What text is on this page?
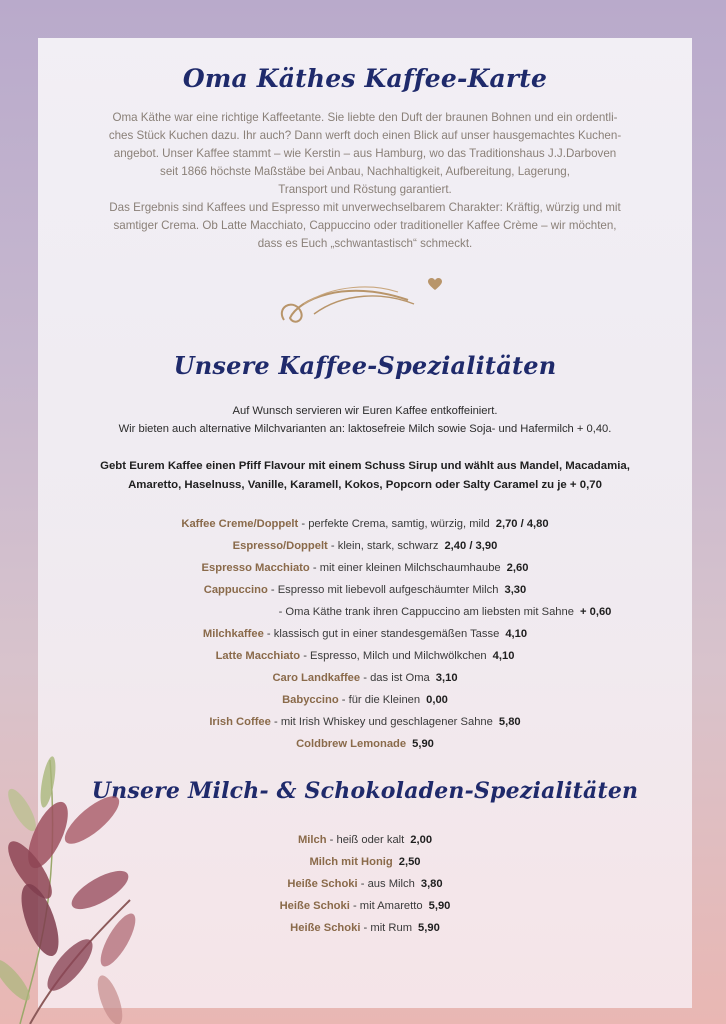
Oma Käthes Kaffee-Karte
Oma Käthe war eine richtige Kaffeetante. Sie liebte den Duft der braunen Bohnen und ein ordentli-
ches Stück Kuchen dazu. Ihr auch? Dann werft doch einen Blick auf unser hausgemachtes Kuchen-
angebot. Unser Kaffee stammt – wie Kerstin – aus Hamburg, wo das Traditionshaus J.J.Darboven
seit 1866 höchste Maßstäbe bei Anbau, Nachhaltigkeit, Aufbereitung, Lagerung,
Transport und Röstung garantiert.
Das Ergebnis sind Kaffees und Espresso mit unverwechselbarem Charakter: Kräftig, würzig und mit
samtiger Crema. Ob Latte Macchiato, Cappuccino oder traditioneller Kaffee Crème – wir möchten,
dass es Euch „schwantastisch“ schmeckt.
Unsere Kaffee-Spezialitäten
Auf Wunsch servieren wir Euren Kaffee entkoffeiniert.
Wir bieten auch alternative Milchvarianten an: laktosefreie Milch sowie Soja- und Hafermilch + 0,40.
Gebt Eurem Kaffee einen Pfiff Flavour mit einem Schuss Sirup und wählt aus Mandel, Macadamia,
Amaretto, Haselnuss, Vanille, Karamell, Kokos, Popcorn oder Salty Caramel zu je + 0,70
Kaffee Creme/Doppelt - perfekte Crema, samtig, würzig, mild 2,70 / 4,80
Espresso/Doppelt - klein, stark, schwarz 2,40 / 3,90
Espresso Macchiato - mit einer kleinen Milchschaumhaube 2,60
Cappuccino - Espresso mit liebevoll aufgeschäumter Milch 3,30
- Oma Käthe trank ihren Cappuccino am liebsten mit Sahne + 0,60
Milchkaffee - klassisch gut in einer standesgemäßen Tasse 4,10
Latte Macchiato - Espresso, Milch und Milchwölkchen 4,10
Caro Landkaffee - das ist Oma 3,10
Babyccino - für die Kleinen 0,00
Irish Coffee - mit Irish Whiskey und geschlagener Sahne 5,80
Coldbrew Lemonade 5,90
Unsere Milch- & Schokoladen-Spezialitäten
Milch - heiß oder kalt 2,00
Milch mit Honig 2,50
Heiße Schoki - aus Milch 3,80
Heiße Schoki - mit Amaretto 5,90
Heiße Schoki - mit Rum 5,90
